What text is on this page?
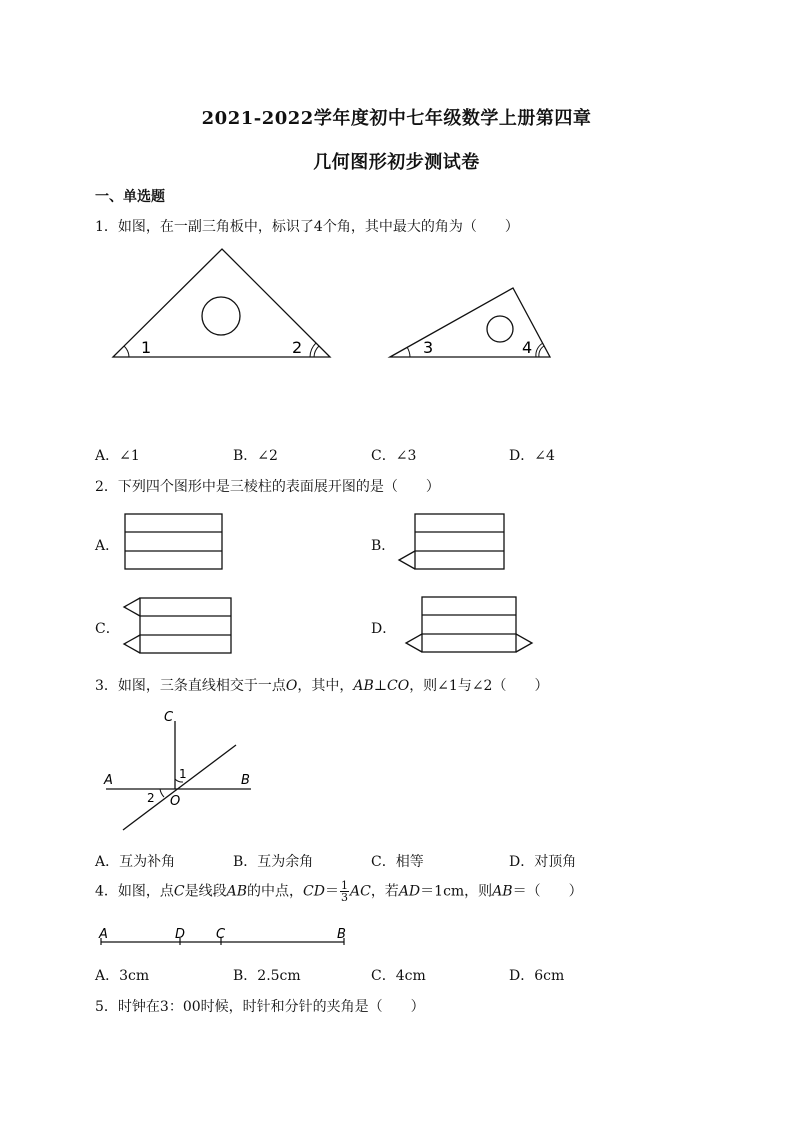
2021-2022学年度初中七年级数学上册第四章
几何图形初步测试卷
一、单选题
1．如图，在一副三角板中，标识了4个角，其中最大的角为（　　）
1	2	3	4
A．∠1	B．∠2	C．∠3	D．∠4
2．下列四个图形中是三棱柱的表面展开图的是（　　）
A．	B．
C．	D．
3．如图，三条直线相交于一点O，其中，AB⊥CO，则∠1与∠2（　　）
C
A	B
O
1
2
A．互为补角	B．互为余角	C．相等	D．对顶角
4．如图，点C是线段AB的中点，$CD= \frac{1}{3}$ AC，若AD＝1cm，则AB＝（　　）
A	D C	B
A．3cm	B．2.5cm	C．4cm	D．6cm
5．时钟在3：00时候，时针和分针的夹角是（　　）
